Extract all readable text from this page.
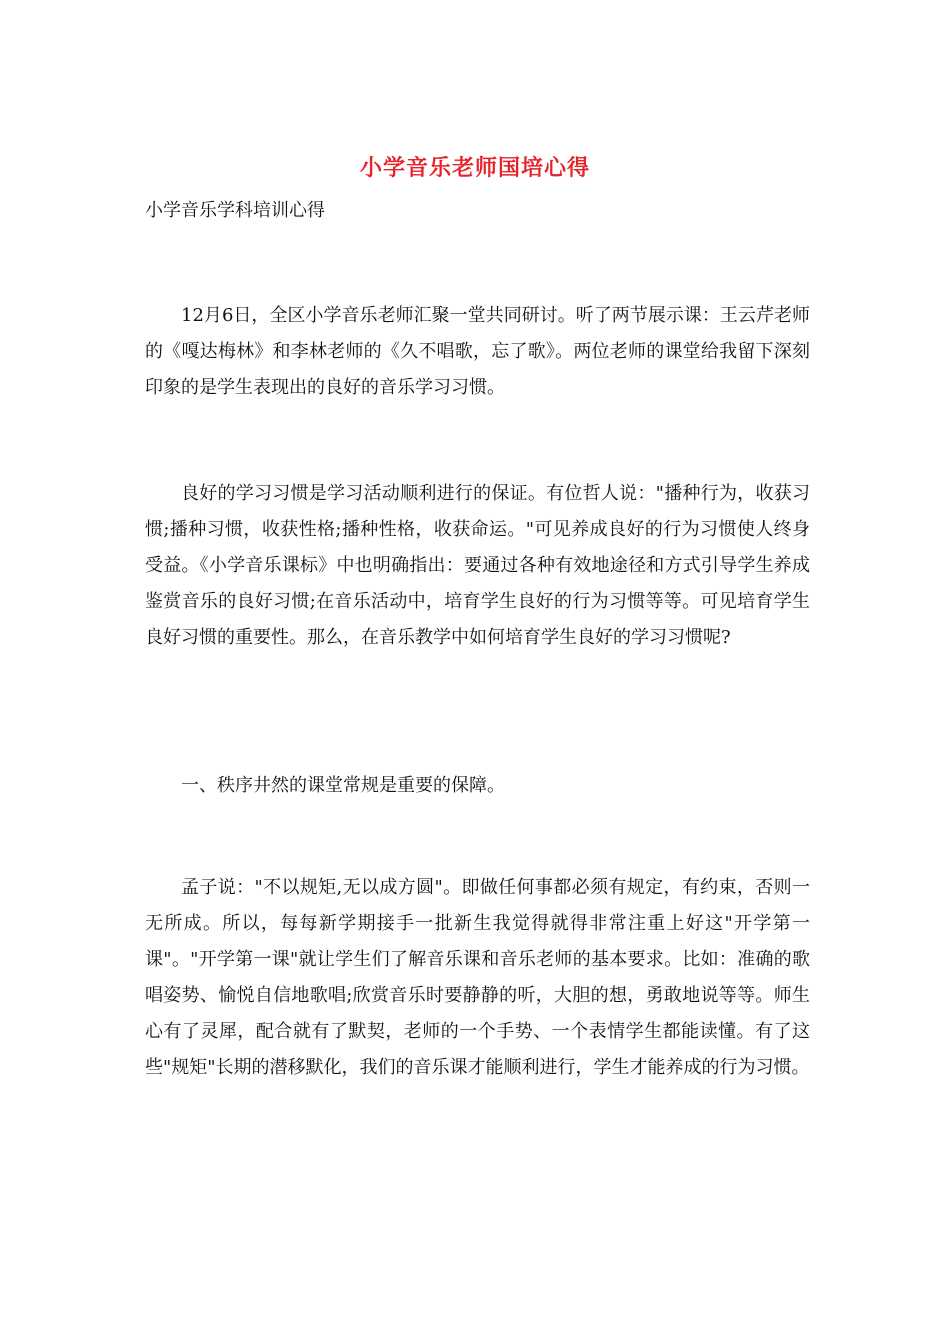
小学音乐老师国培心得
小学音乐学科培训心得

12月6日，全区小学音乐老师汇聚一堂共同研讨。听了两节展示课：王云芹老师的《嘎达梅林》和李林老师的《久不唱歌，忘了歌》。两位老师的课堂给我留下深刻印象的是学生表现出的良好的音乐学习习惯。

良好的学习习惯是学习活动顺利进行的保证。有位哲人说："播种行为，收获习惯;播种习惯，收获性格;播种性格，收获命运。"可见养成良好的行为习惯使人终身受益。《小学音乐课标》中也明确指出：要通过各种有效地途径和方式引导学生养成鉴赏音乐的良好习惯;在音乐活动中，培育学生良好的行为习惯等等。可见培育学生良好习惯的重要性。那么，在音乐教学中如何培育学生良好的学习习惯呢?

一、秩序井然的课堂常规是重要的保障。

孟子说："不以规矩,无以成方圆"。即做任何事都必须有规定，有约束，否则一无所成。所以，每每新学期接手一批新生我觉得就得非常注重上好这"开学第一课"。"开学第一课"就让学生们了解音乐课和音乐老师的基本要求。比如：准确的歌唱姿势、愉悦自信地歌唱;欣赏音乐时要静静的听，大胆的想，勇敢地说等等。师生心有了灵犀，配合就有了默契，老师的一个手势、一个表情学生都能读懂。有了这些"规矩"长期的潜移默化，我们的音乐课才能顺利进行，学生才能养成的行为习惯。
